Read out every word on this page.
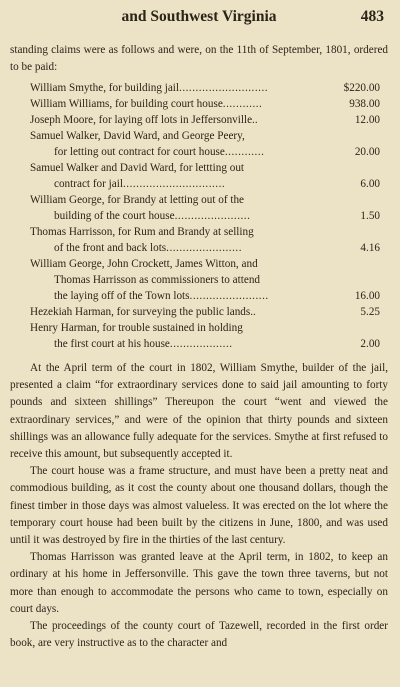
and Southwest Virginia	483
standing claims were as follows and were, on the 11th of September, 1801, ordered to be paid:
William Smythe, for building jail...........................	$220.00
William Williams, for building court house............	938.00
Joseph Moore, for laying off lots in Jeffersonville..	12.00
Samuel Walker, David Ward, and George Peery,
for letting out contract for court house............	20.00
Samuel Walker and David Ward, for lettting out
contract for jail...............................	6.00
William George, for Brandy at letting out of the
building of the court house.......................	1.50
Thomas Harrisson, for Rum and Brandy at selling
of the front and back lots.......................	4.16
William George, John Crockett, James Witton, and
Thomas Harrisson as commissioners to attend
the laying off of the Town lots........................	16.00
Hezekiah Harman, for surveying the public lands..	5.25
Henry Harman, for trouble sustained in holding
the first court at his house...................	2.00

At the April term of the court in 1802, William Smythe, builder of the jail, presented a claim “for extraordinary services done to said jail amounting to forty pounds and sixteen shillings” Thereupon the court “went and viewed the extraordinary services,” and were of the opinion that thirty pounds and sixteen shillings was an allowance fully adequate for the services. Smythe at first refused to receive this amount, but subsequently accepted it.

The court house was a frame structure, and must have been a pretty neat and commodious building, as it cost the county about one thousand dollars, though the finest timber in those days was almost valueless. It was erected on the lot where the temporary court house had been built by the citizens in June, 1800, and was used until it was destroyed by fire in the thirties of the last century.

Thomas Harrisson was granted leave at the April term, in 1802, to keep an ordinary at his home in Jeffersonville. This gave the town three taverns, but not more than enough to accommodate the persons who came to town, especially on court days.

The proceedings of the county court of Tazewell, recorded in the first order book, are very instructive as to the character and
